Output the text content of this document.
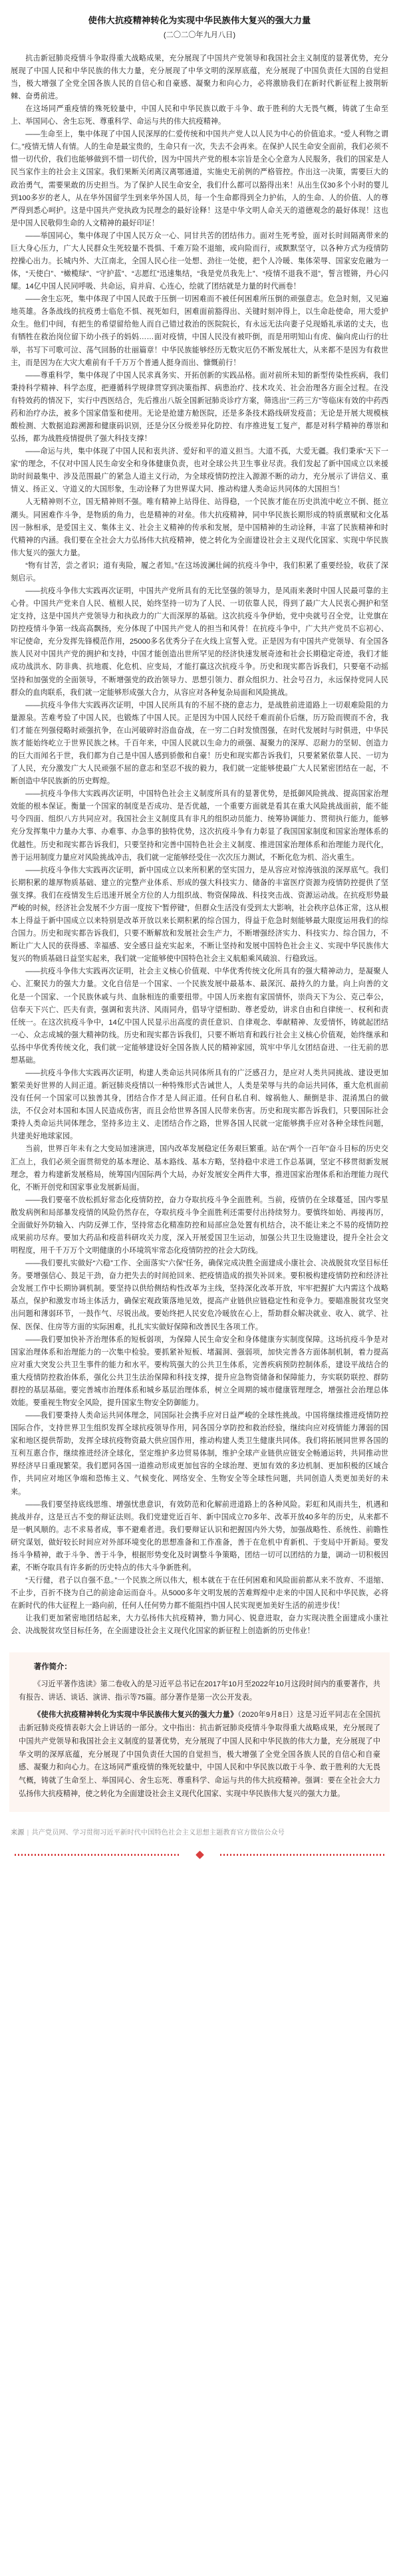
使伟大抗疫精神转化为实现中华民族伟大复兴的强大力量
(二〇二〇年九月八日)

抗击新冠肺炎疫情斗争取得重大战略成果，充分展现了中国共产党领导和我国社会主义制度的显著优势，充分展现了中国人民和中华民族的伟大力量，充分展现了中华文明的深厚底蕴，充分展现了中国负责任大国的自觉担当，极大增强了全党全国各族人民的自信心和自豪感、凝聚力和向心力，必将激励我们在新时代新征程上披荆斩棘、奋勇前进。

在这场同严重疫情的殊死较量中，中国人民和中华民族以敢于斗争、敢于胜利的大无畏气概，铸就了生命至上、举国同心、舍生忘死、尊重科学、命运与共的伟大抗疫精神。

——生命至上，集中体现了中国人民深厚的仁爱传统和中国共产党人以人民为中心的价值追求。“爱人利物之谓仁。”疫情无情人有情。人的生命是最宝贵的，生命只有一次，失去不会再来。在保护人民生命安全面前，我们必须不惜一切代价，我们也能够做到不惜一切代价，因为中国共产党的根本宗旨是全心全意为人民服务，我们的国家是人民当家作主的社会主义国家。我们果断关闭离汉离鄂通道，实施史无前例的严格管控。作出这一决策，需要巨大的政治勇气，需要果敢的历史担当。为了保护人民生命安全，我们什么都可以豁得出来！从出生仅30多个小时的婴儿到100多岁的老人，从在华外国留学生到来华外国人员，每一个生命都得到全力护佑，人的生命、人的价值、人的尊严得到悉心呵护。这是中国共产党执政为民理念的最好诠释！这是中华文明人命关天的道德观念的最好体现！这也是中国人民敬仰生命的人文精神的最好印证！

——举国同心，集中体现了中国人民万众一心、同甘共苦的团结伟力。面对生死考验，面对长时间隔离带来的巨大身心压力，广大人民群众生死较量不畏惧、千难万险不退缩，或向险而行，或默默坚守，以各种方式为疫情防控操心出力。长城内外、大江南北，全国人民心往一处想、劲往一处使，把个人冷暖、集体荣辱、国家安危融为一体，“天使白”、“橄榄绿”、“守护蓝”、“志愿红”迅速集结，“我是党员我先上”、“疫情不退我不退”，誓言铿锵，丹心闪耀。14亿中国人民同呼吸、共命运，肩并肩、心连心，绘就了团结就是力量的时代画卷！

——舍生忘死，集中体现了中国人民敢于压倒一切困难而不被任何困难所压倒的顽强意志。危急时刻，又见遍地英雄。各条战线的抗疫勇士临危不惧、视死如归，困难面前豁得出、关键时刻冲得上，以生命赴使命，用大爱护众生。他们中间，有把生的希望留给他人而自己错过救治的医院院长，有永远无法向妻子兑现婚礼承诺的丈夫，也有牺牲在救治岗位留下幼小孩子的妈妈……面对疫情，中国人民没有被吓倒，而是用明知山有虎、偏向虎山行的壮举，书写下可歌可泣、荡气回肠的壮丽篇章！中华民族能够经历无数灾厄仍不断发展壮大，从来都不是因为有救世主，而是因为在大灾大难前有千千万万个普通人挺身而出、慷慨前行！

——尊重科学，集中体现了中国人民求真务实、开拓创新的实践品格。面对前所未知的新型传染性疾病，我们秉持科学精神、科学态度，把遵循科学规律贯穿到决策指挥、病患治疗、技术攻关、社会治理各方面全过程。在没有特效药的情况下，实行中西医结合，先后推出八版全国新冠肺炎诊疗方案，筛选出“三药三方”等临床有效的中药西药和治疗办法，被多个国家借鉴和使用。无论是抢建方舱医院，还是多条技术路线研发疫苗；无论是开展大规模核酸检测、大数据追踪溯源和健康码识别，还是分区分级差异化防控、有序推进复工复产，都是对科学精神的尊崇和弘扬，都为战胜疫情提供了强大科技支撑！

——命运与共，集中体现了中国人民和衷共济、爱好和平的道义担当。大道不孤，大爱无疆。我们秉承“天下一家”的理念，不仅对中国人民生命安全和身体健康负责，也对全球公共卫生事业尽责。我们发起了新中国成立以来援助时间最集中、涉及范围最广的紧急人道主义行动，为全球疫情防控注入源源不断的动力，充分展示了讲信义、重情义、扬正义、守道义的大国形象，生动诠释了为世界谋大同、推动构建人类命运共同体的大国担当！

人无精神则不立，国无精神则不强。唯有精神上站得住、站得稳，一个民族才能在历史洪流中屹立不倒、挺立潮头。同困难作斗争，是物质的角力，也是精神的对垒。伟大抗疫精神，同中华民族长期形成的特质禀赋和文化基因一脉相承，是爱国主义、集体主义、社会主义精神的传承和发展，是中国精神的生动诠释，丰富了民族精神和时代精神的内涵。我们要在全社会大力弘扬伟大抗疫精神，使之转化为全面建设社会主义现代化国家、实现中华民族伟大复兴的强大力量。

“物有甘苦，尝之者识；道有夷险，履之者知。”在这场波澜壮阔的抗疫斗争中，我们积累了重要经验，收获了深刻启示。

——抗疫斗争伟大实践再次证明，中国共产党所具有的无比坚强的领导力，是风雨来袭时中国人民最可靠的主心骨。中国共产党来自人民、植根人民，始终坚持一切为了人民、一切依靠人民，得到了最广大人民衷心拥护和坚定支持，这是中国共产党领导力和执政力的广大而深厚的基础。这次抗疫斗争伊始，党中央就号召全党，让党旗在防控疫情斗争第一线高高飘扬，充分体现了中国共产党人的担当和风骨！在抗疫斗争中，广大共产党员不忘初心、牢记使命，充分发挥先锋模范作用，25000多名优秀分子在火线上宣誓入党。正是因为有中国共产党领导、有全国各族人民对中国共产党的拥护和支持，中国才能创造出世所罕见的经济快速发展奇迹和社会长期稳定奇迹，我们才能成功战洪水、防非典、抗地震、化危机、应变局，才能打赢这次抗疫斗争。历史和现实都告诉我们，只要毫不动摇坚持和加强党的全面领导，不断增强党的政治领导力、思想引领力、群众组织力、社会号召力，永远保持党同人民群众的血肉联系，我们就一定能够形成强大合力，从容应对各种复杂局面和风险挑战。

——抗疫斗争伟大实践再次证明，中国人民所具有的不屈不挠的意志力，是战胜前进道路上一切艰难险阻的力量源泉。苦难考验了中国人民，也锻炼了中国人民。正是因为中国人民经千难而前仆后继，历万险而锲而不舍，我们才能在列强侵略时顽强抗争，在山河破碎时浴血奋战，在一穷二白时发愤图强，在时代发展时与时俱进，中华民族才能始终屹立于世界民族之林。千百年来，中国人民就以生命力的顽强、凝聚力的深厚、忍耐力的坚韧、创造力的巨大而闻名于世，我们都为自己是中国人感到骄傲和自豪！历史和现实都告诉我们，只要紧紧依靠人民、一切为了人民，充分激发广大人民顽强不屈的意志和坚忍不拔的毅力，我们就一定能够使最广大人民紧密团结在一起，不断创造中华民族新的历史辉煌。

——抗疫斗争伟大实践再次证明，中国特色社会主义制度所具有的显著优势，是抵御风险挑战、提高国家治理效能的根本保证。衡量一个国家的制度是否成功、是否优越，一个重要方面就是看其在重大风险挑战面前，能不能号令四面、组织八方共同应对。我国社会主义制度具有非凡的组织动员能力、统筹协调能力、贯彻执行能力，能够充分发挥集中力量办大事、办难事、办急事的独特优势，这次抗疫斗争有力彰显了我国国家制度和国家治理体系的优越性。历史和现实都告诉我们，只要坚持和完善中国特色社会主义制度、推进国家治理体系和治理能力现代化，善于运用制度力量应对风险挑战冲击，我们就一定能够经受住一次次压力测试，不断化危为机、浴火重生。

——抗疫斗争伟大实践再次证明，新中国成立以来所积累的坚实国力，是从容应对惊涛骇浪的深厚底气。我们长期积累的雄厚物质基础、建立的完整产业体系、形成的强大科技实力、储备的丰富医疗资源为疫情防控提供了坚强支撑。我们在疫情发生后迅速开展全方位的人力组织战、物资保障战、科技突击战、资源运动战。在抗疫形势最严峻的时候，经济社会发展不少方面一度按下“暂停键”，但群众生活没有受到太大影响，社会秩序总体正常，这从根本上得益于新中国成立以来特别是改革开放以来长期积累的综合国力，得益于危急时刻能够最大限度运用我们的综合国力。历史和现实都告诉我们，只要不断解放和发展社会生产力，不断增强经济实力、科技实力、综合国力，不断让广大人民的获得感、幸福感、安全感日益充实起来，不断让坚持和发展中国特色社会主义、实现中华民族伟大复兴的物质基础日益坚实起来，我们就一定能够使中国特色社会主义航船乘风破浪、行稳致远。

——抗疫斗争伟大实践再次证明，社会主义核心价值观、中华优秀传统文化所具有的强大精神动力，是凝聚人心、汇聚民力的强大力量。文化自信是一个国家、一个民族发展中最基本、最深沉、最持久的力量。向上向善的文化是一个国家、一个民族休戚与共、血脉相连的重要纽带。中国人历来抱有家国情怀，崇尚天下为公、克己奉公，信奉天下兴亡、匹夫有责，强调和衷共济、风雨同舟，倡导守望相助、尊老爱幼，讲求自由和自律统一、权利和责任统一。在这次抗疫斗争中，14亿中国人民显示出高度的责任意识、自律观念、奉献精神、友爱情怀，铸就起团结一心、众志成城的强大精神防线。历史和现实都告诉我们，只要不断培育和践行社会主义核心价值观，始终继承和弘扬中华优秀传统文化，我们就一定能够建设好全国各族人民的精神家园，筑牢中华儿女团结奋进、一往无前的思想基础。

——抗疫斗争伟大实践再次证明，构建人类命运共同体所具有的广泛感召力，是应对人类共同挑战、建设更加繁荣美好世界的人间正道。新冠肺炎疫情以一种特殊形式告诫世人，人类是荣辱与共的命运共同体，重大危机面前没有任何一个国家可以独善其身，团结合作才是人间正道。任何自私自利、嫁祸他人、颠倒是非、混淆黑白的做法，不仅会对本国和本国人民造成伤害，而且会给世界各国人民带来伤害。历史和现实都告诉我们，只要国际社会秉持人类命运共同体理念，坚持多边主义、走团结合作之路，世界各国人民就一定能够携手应对各种全球性问题，共建美好地球家园。

当前，世界百年未有之大变局加速演进，国内改革发展稳定任务艰巨繁重。站在“两个一百年”奋斗目标的历史交汇点上，我们必须全面贯彻党的基本理论、基本路线、基本方略，坚持稳中求进工作总基调，坚定不移贯彻新发展理念，着力构建新发展格局，统筹国内国际两个大局，办好发展安全两件大事，推进国家治理体系和治理能力现代化，不断开创党和国家事业发展新局面。

——我们要毫不放松抓好常态化疫情防控，奋力夺取抗疫斗争全面胜利。当前，疫情仍在全球蔓延，国内零星散发病例和局部暴发疫情的风险仍然存在，夺取抗疫斗争全面胜利还需要付出持续努力。要慎终如始、再接再厉，全面做好外防输入、内防反弹工作，坚持常态化精准防控和局部应急处置有机结合，决不能让来之不易的疫情防控成果前功尽弃。要加大药品和疫苗科研攻关力度，深入开展爱国卫生运动，加强公共卫生设施建设，提升全社会文明程度，用千千万万个文明健康的小环境筑牢常态化疫情防控的社会大防线。

——我们要扎实做好“六稳”工作、全面落实“六保”任务，确保完成决胜全面建成小康社会、决战脱贫攻坚目标任务。要增强信心、鼓足干劲，奋力把失去的时间抢回来、把疫情造成的损失补回来。要积极构建疫情防控和经济社会发展工作中长期协调机制。要坚持以供给侧结构性改革为主线，坚持深化改革开放，牢牢把握扩大内需这个战略基点，保护和激发市场主体活力，确保宏观政策落地见效，提高产业链供应链稳定性和竞争力。要瞄准脱贫攻坚突出问题和薄弱环节，一鼓作气、尽锐出战。要始终把人民安危冷暖放在心上，帮助群众解决就业、收入、就学、社保、医保、住房等方面的实际困难，扎扎实实做好保障和改善民生各项工作。

——我们要加快补齐治理体系的短板弱项，为保障人民生命安全和身体健康夯实制度保障。这场抗疫斗争是对国家治理体系和治理能力的一次集中检验。要抓紧补短板、堵漏洞、强弱项，加快完善各方面体制机制，着力提高应对重大突发公共卫生事件的能力和水平。要构筑强大的公共卫生体系，完善疾病预防控制体系，建设平战结合的重大疫情防控救治体系，强化公共卫生法治保障和科技支撑，提升应急物资储备和保障能力，夯实联防联控、群防群控的基层基础。要完善城市治理体系和城乡基层治理体系，树立全周期的城市健康管理理念，增强社会治理总体效能。要重视生物安全风险，提升国家生物安全防御能力。

——我们要秉持人类命运共同体理念，同国际社会携手应对日益严峻的全球性挑战。中国将继续推进疫情防控国际合作，支持世界卫生组织发挥全球抗疫领导作用，同各国分享防控和救治经验，继续向应对疫情能力薄弱的国家和地区提供帮助，发挥全球抗疫物资最大供应国作用，推动构建人类卫生健康共同体。我们将拓展同世界各国的互利互惠合作，继续推进经济全球化，坚定维护多边贸易体制，维护全球产业链供应链安全畅通运转，共同推动世界经济早日重现繁荣。我们愿同各国一道推动形成更加包容的全球治理、更加有效的多边机制、更加积极的区域合作，共同应对地区争端和恐怖主义、气候变化、网络安全、生物安全等全球性问题，共同创造人类更加美好的未来。

——我们要坚持底线思维、增强忧患意识，有效防范和化解前进道路上的各种风险。彩虹和风雨共生，机遇和挑战并存，这是亘古不变的辩证法则。我们党建党近百年、新中国成立70多年、改革开放40多年的历史，从来都不是一帆风顺的。志不求易者成，事不避难者进。我们要辩证认识和把握国内外大势，加强战略性、系统性、前瞻性研究谋划，做好较长时间应对外部环境变化的思想准备和工作准备，善于在危机中育新机、于变局中开新局。要发扬斗争精神，敢于斗争、善于斗争，根据形势变化及时调整斗争策略，团结一切可以团结的力量，调动一切积极因素，不断夺取具有许多新的历史特点的伟大斗争新胜利。

“天行健，君子以自强不息。”一个民族之所以伟大，根本就在于在任何困难和风险面前都从来不放弃、不退缩、不止步，百折不挠为自己的前途命运而奋斗。从5000多年文明发展的苦难辉煌中走来的中国人民和中华民族，必将在新时代的伟大征程上一路向前，任何人任何势力都不能阻挡中国人民实现更加美好生活的前进步伐！

让我们更加紧密地团结起来，大力弘扬伟大抗疫精神，勠力同心、锐意进取，奋力实现决胜全面建成小康社会、决战脱贫攻坚目标任务，在全面建设社会主义现代化国家的新征程上创造新的历史伟业！

著作简介：

《习近平著作选读》第二卷收入的是习近平总书记在2017年10月至2022年10月这段时间内的重要著作，共有报告、讲话、谈话、演讲、指示等75篇。部分著作是第一次公开发表。

《使伟大抗疫精神转化为实现中华民族伟大复兴的强大力量》（2020年9月8日）这是习近平同志在全国抗击新冠肺炎疫情表彰大会上讲话的一部分。文中指出：抗击新冠肺炎疫情斗争取得重大战略成果，充分展现了中国共产党领导和我国社会主义制度的显著优势，充分展现了中国人民和中华民族的伟大力量，充分展现了中华文明的深厚底蕴，充分展现了中国负责任大国的自觉担当，极大增强了全党全国各族人民的自信心和自豪感、凝聚力和向心力。在这场同严重疫情的殊死较量中，中国人民和中华民族以敢于斗争、敢于胜利的大无畏气概，铸就了生命至上、举国同心、舍生忘死、尊重科学、命运与共的伟大抗疫精神。强调：要在全社会大力弘扬伟大抗疫精神，使之转化为全面建设社会主义现代化国家、实现中华民族伟大复兴的强大力量。

来源 | 共产党员网、学习贯彻习近平新时代中国特色社会主义思想主题教育官方微信公众号
